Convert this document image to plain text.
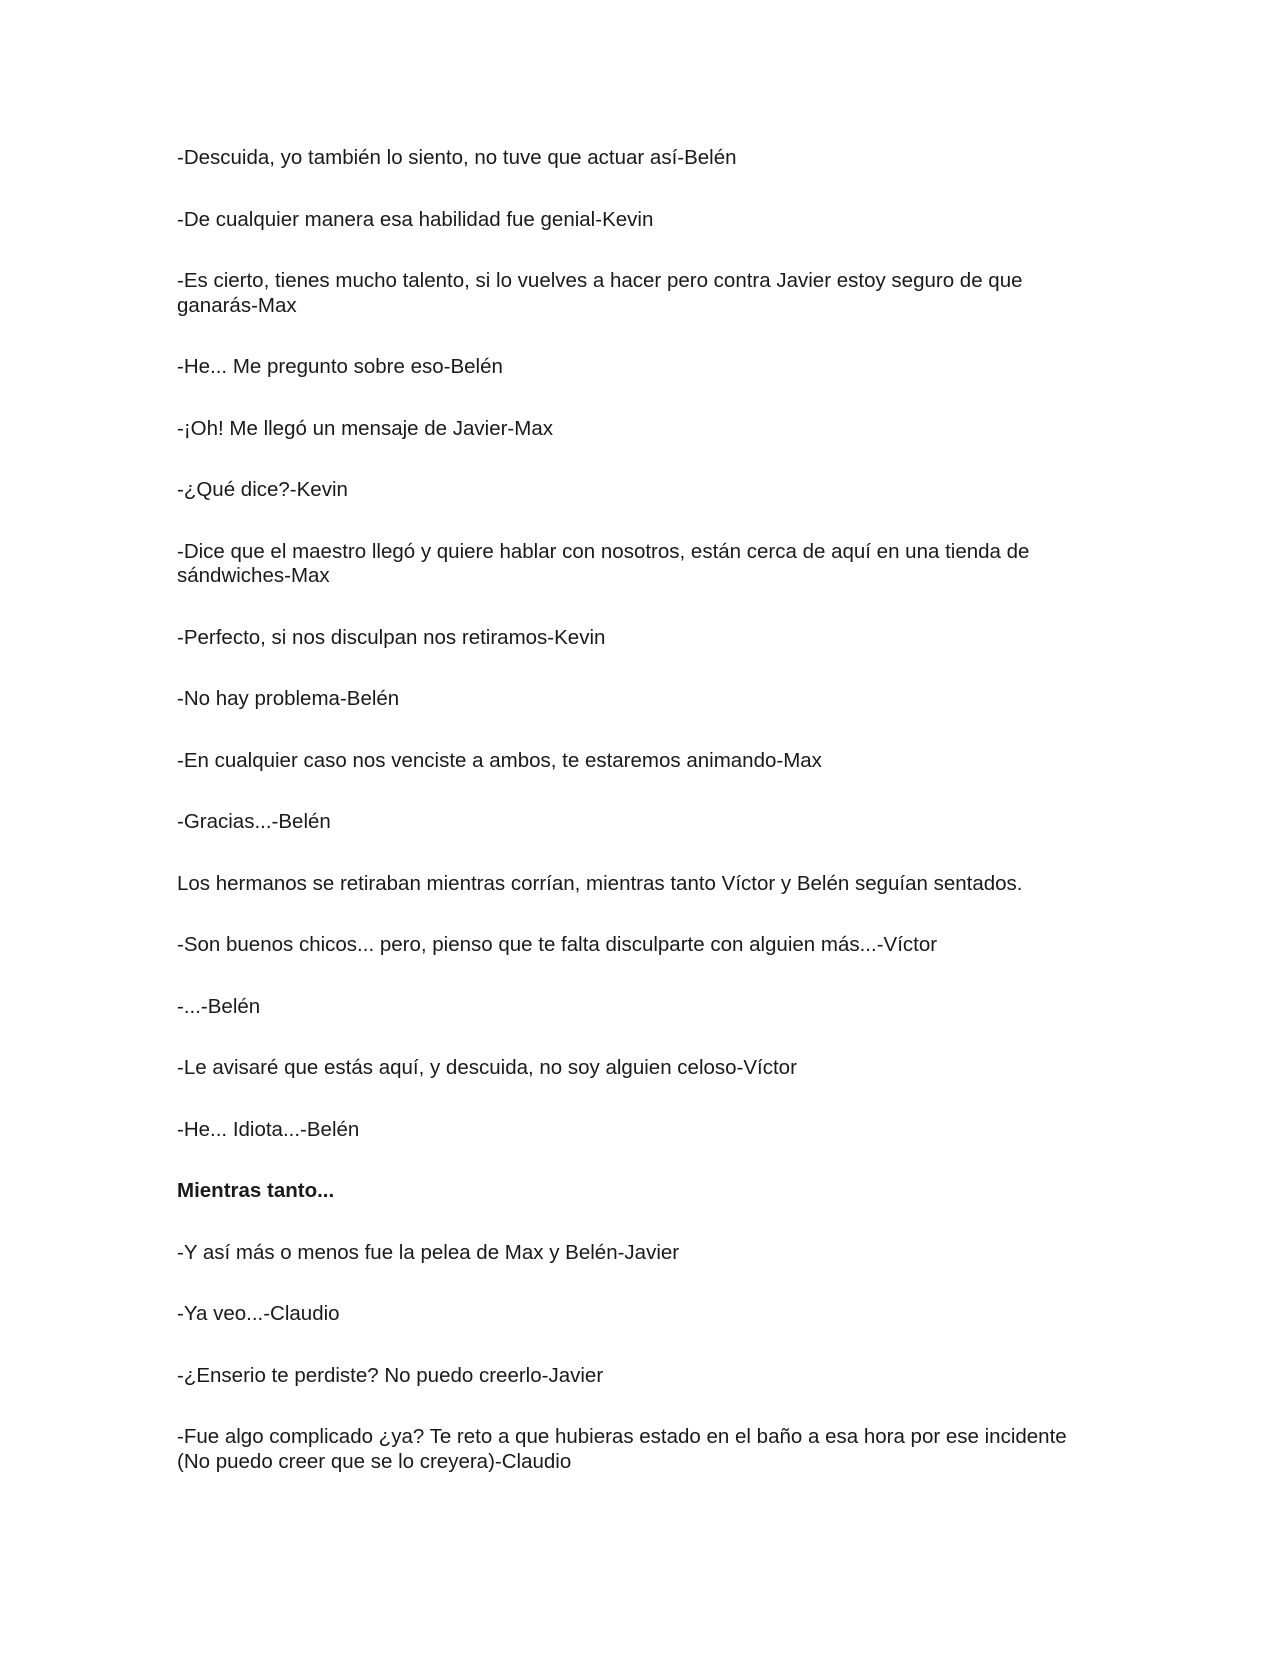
-Descuida, yo también lo siento, no tuve que actuar así-Belén

-De cualquier manera esa habilidad fue genial-Kevin

-Es cierto, tienes mucho talento, si lo vuelves a hacer pero contra Javier estoy seguro de que ganarás-Max

-He... Me pregunto sobre eso-Belén

-¡Oh! Me llegó un mensaje de Javier-Max

-¿Qué dice?-Kevin

-Dice que el maestro llegó y quiere hablar con nosotros, están cerca de aquí en una tienda de sándwiches-Max

-Perfecto, si nos disculpan nos retiramos-Kevin

-No hay problema-Belén

-En cualquier caso nos venciste a ambos, te estaremos animando-Max

-Gracias...-Belén

Los hermanos se retiraban mientras corrían, mientras tanto Víctor y Belén seguían sentados.

-Son buenos chicos... pero, pienso que te falta disculparte con alguien más...-Víctor

-...-Belén

-Le avisaré que estás aquí, y descuida, no soy alguien celoso-Víctor

-He... Idiota...-Belén

Mientras tanto...

-Y así más o menos fue la pelea de Max y Belén-Javier

-Ya veo...-Claudio

-¿Enserio te perdiste? No puedo creerlo-Javier

-Fue algo complicado ¿ya? Te reto a que hubieras estado en el baño a esa hora por ese incidente (No puedo creer que se lo creyera)-Claudio
